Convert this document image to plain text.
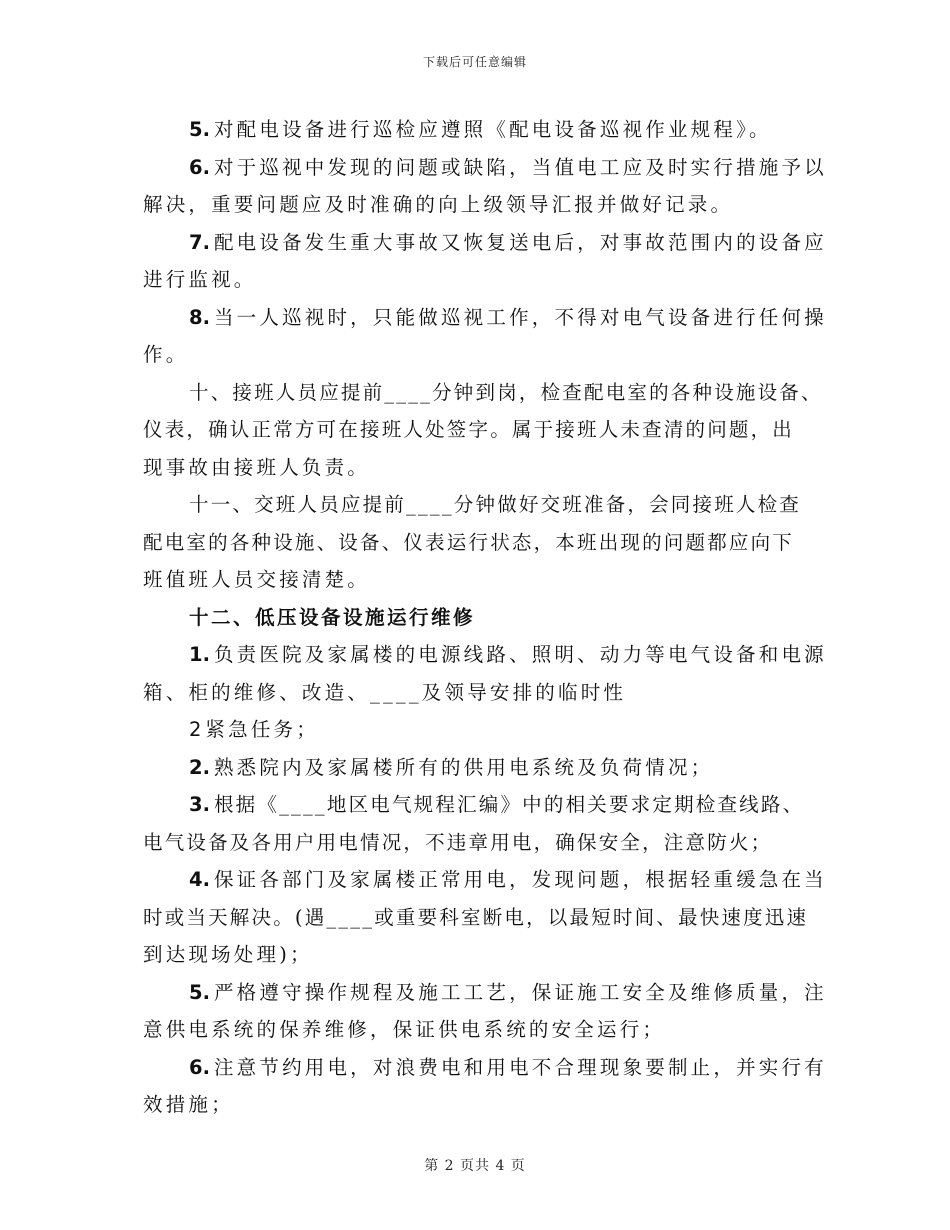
下载后可任意编辑
5. 对配电设备进行巡检应遵照《配电设备巡视作业规程》。
6. 对于巡视中发现的问题或缺陷，当值电工应及时实行措施予以
解决，重要问题应及时准确的向上级领导汇报并做好记录。
7. 配电设备发生重大事故又恢复送电后，对事故范围内的设备应
进行监视。
8. 当一人巡视时，只能做巡视工作，不得对电气设备进行任何操
作。
十、接班人员应提前____分钟到岗，检查配电室的各种设施设备、
仪表，确认正常方可在接班人处签字。属于接班人未查清的问题，出
现事故由接班人负责。
十一、交班人员应提前____分钟做好交班准备，会同接班人检查
配电室的各种设施、设备、仪表运行状态，本班出现的问题都应向下
班值班人员交接清楚。
十二、低压设备设施运行维修
1. 负责医院及家属楼的电源线路、照明、动力等电气设备和电源
箱、柜的维修、改造、____及领导安排的临时性
2 紧急任务；
2. 熟悉院内及家属楼所有的供用电系统及负荷情况；
3. 根据《____地区电气规程汇编》中的相关要求定期检查线路、
电气设备及各用户用电情况，不违章用电，确保安全，注意防火；
4. 保证各部门及家属楼正常用电，发现问题，根据轻重缓急在当
时或当天解决。(遇____或重要科室断电，以最短时间、最快速度迅速
到达现场处理)；
5. 严格遵守操作规程及施工工艺，保证施工安全及维修质量，注
意供电系统的保养维修，保证供电系统的安全运行；
6. 注意节约用电，对浪费电和用电不合理现象要制止，并实行有
效措施；
第 2 页共 4 页
